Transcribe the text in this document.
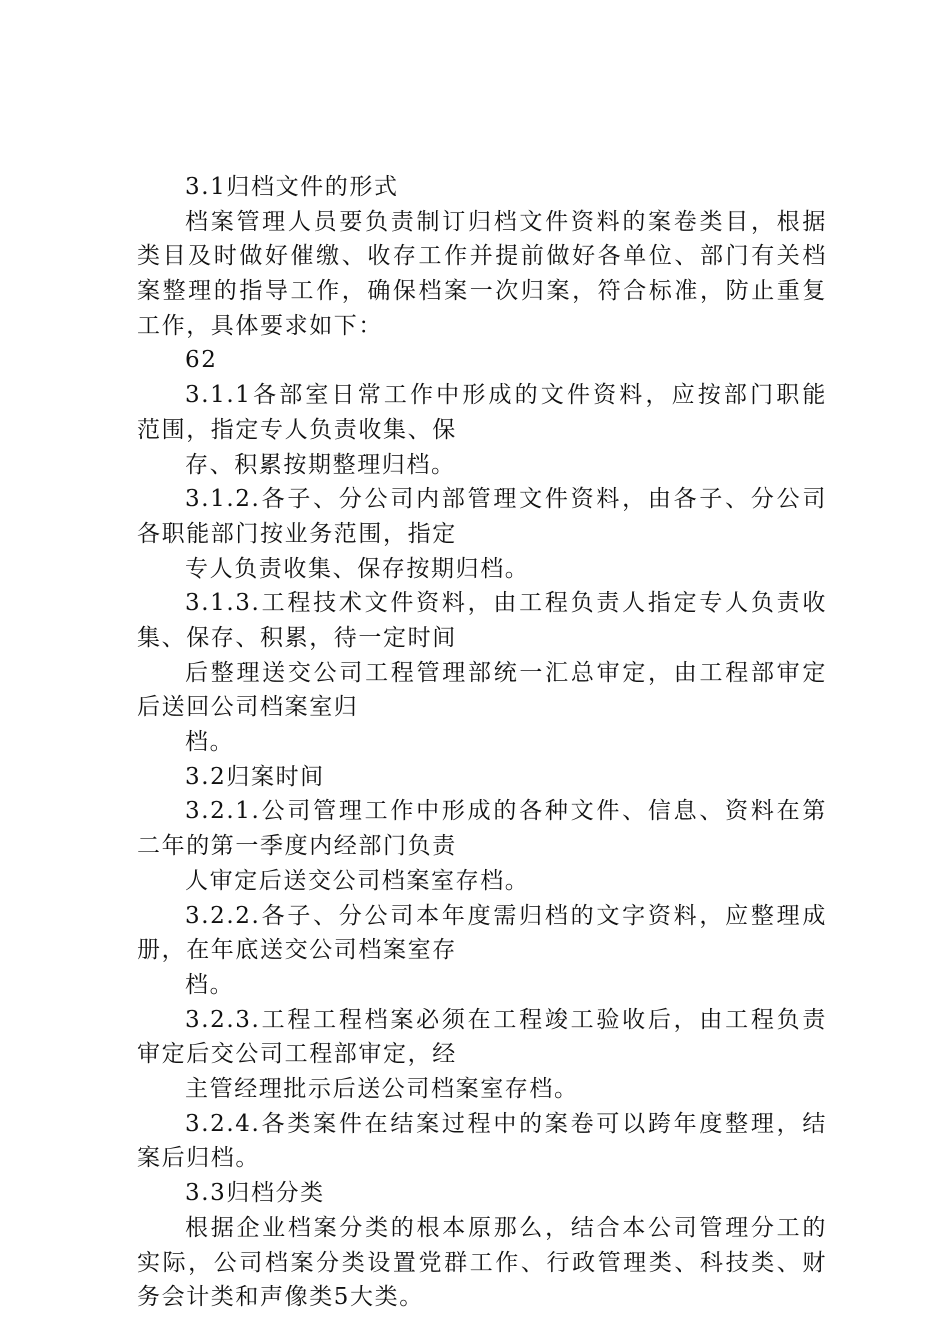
3.1归档文件的形式
档案管理人员要负责制订归档文件资料的案卷类目，根据
类目及时做好催缴、收存工作并提前做好各单位、部门有关档
案整理的指导工作，确保档案一次归案，符合标准，防止重复
工作，具体要求如下：
62
3.1.1各部室日常工作中形成的文件资料，应按部门职能
范围，指定专人负责收集、保
存、积累按期整理归档。
3.1.2.各子、分公司内部管理文件资料，由各子、分公司
各职能部门按业务范围，指定
专人负责收集、保存按期归档。
3.1.3.工程技术文件资料，由工程负责人指定专人负责收
集、保存、积累，待一定时间
后整理送交公司工程管理部统一汇总审定，由工程部审定
后送回公司档案室归
档。
3.2归案时间
3.2.1.公司管理工作中形成的各种文件、信息、资料在第
二年的第一季度内经部门负责
人审定后送交公司档案室存档。
3.2.2.各子、分公司本年度需归档的文字资料，应整理成
册，在年底送交公司档案室存
档。
3.2.3.工程工程档案必须在工程竣工验收后，由工程负责
审定后交公司工程部审定，经
主管经理批示后送公司档案室存档。
3.2.4.各类案件在结案过程中的案卷可以跨年度整理，结
案后归档。
3.3归档分类
根据企业档案分类的根本原那么，结合本公司管理分工的
实际，公司档案分类设置党群工作、行政管理类、科技类、财
务会计类和声像类5大类。
